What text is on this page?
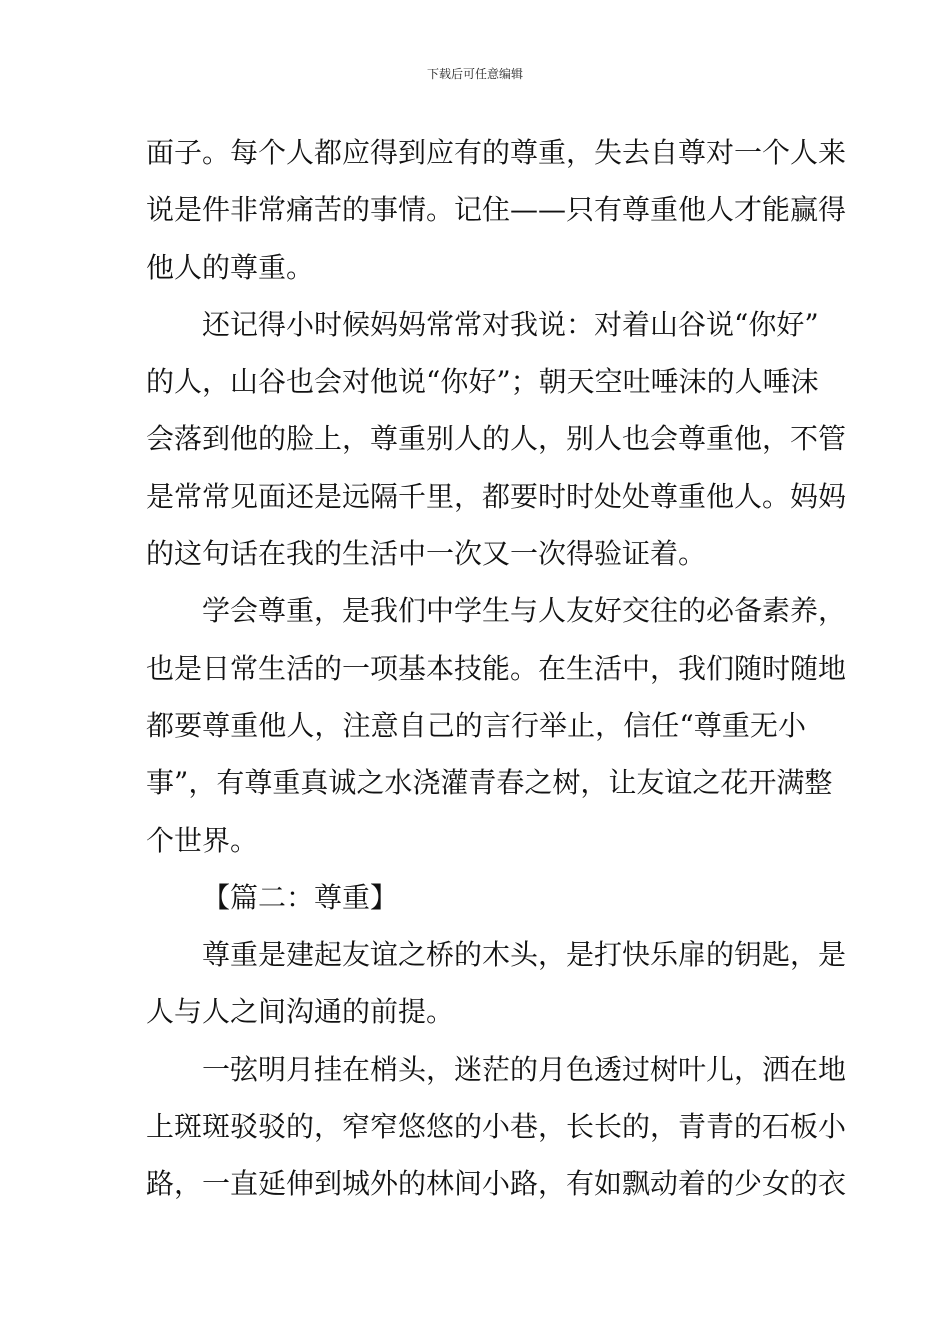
下载后可任意编辑
面子。每个人都应得到应有的尊重，失去自尊对一个人来
说是件非常痛苦的事情。记住——只有尊重他人才能赢得
他人的尊重。
还记得小时候妈妈常常对我说：对着山谷说“你好”
的人，山谷也会对他说“你好”；朝天空吐唾沫的人唾沫
会落到他的脸上，尊重别人的人，别人也会尊重他，不管
是常常见面还是远隔千里，都要时时处处尊重他人。妈妈
的这句话在我的生活中一次又一次得验证着。
学会尊重，是我们中学生与人友好交往的必备素养，
也是日常生活的一项基本技能。在生活中，我们随时随地
都要尊重他人，注意自己的言行举止，信任“尊重无小
事”，有尊重真诚之水浇灌青春之树，让友谊之花开满整
个世界。
【篇二：尊重】
尊重是建起友谊之桥的木头，是打快乐扉的钥匙，是
人与人之间沟通的前提。
一弦明月挂在梢头，迷茫的月色透过树叶儿，洒在地
上斑斑驳驳的，窄窄悠悠的小巷，长长的，青青的石板小
路，一直延伸到城外的林间小路，有如飘动着的少女的衣
